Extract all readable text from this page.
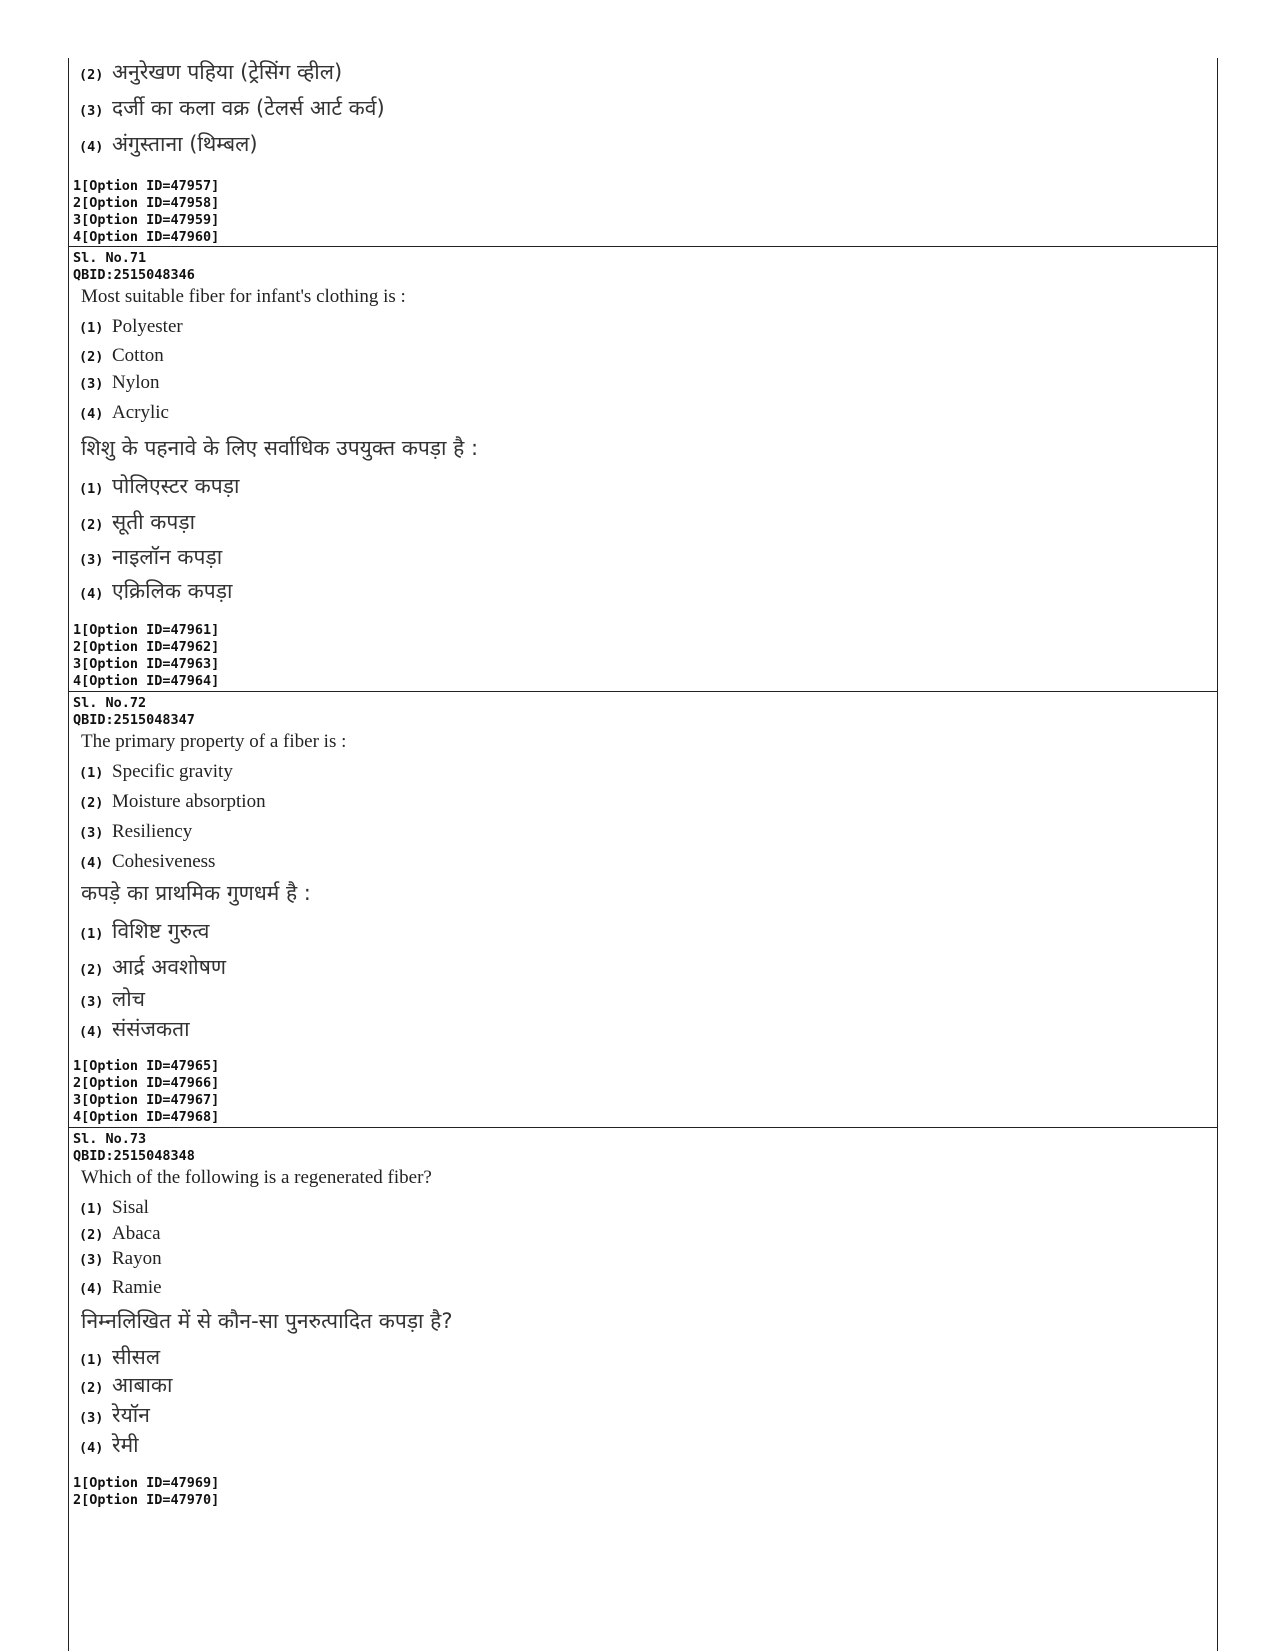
(2) अनुरेखण पहिया (ट्रेसिंग व्हील)
(3) दर्जी का कला वक्र (टेलर्स आर्ट कर्व)
(4) अंगुस्ताना (थिम्बल)
1[Option ID=47957]
2[Option ID=47958]
3[Option ID=47959]
4[Option ID=47960]
Sl. No.71
QBID:2515048346
Most suitable fiber for infant's clothing is :
(1) Polyester
(2) Cotton
(3) Nylon
(4) Acrylic
शिशु के पहनावे के लिए सर्वाधिक उपयुक्त कपड़ा है :
(1) पोलिएस्टर कपड़ा
(2) सूती कपड़ा
(3) नाइलॉन कपड़ा
(4) एक्रिलिक कपड़ा
1[Option ID=47961]
2[Option ID=47962]
3[Option ID=47963]
4[Option ID=47964]
Sl. No.72
QBID:2515048347
The primary property of a fiber is :
(1) Specific gravity
(2) Moisture absorption
(3) Resiliency
(4) Cohesiveness
कपड़े का प्राथमिक गुणधर्म है :
(1) विशिष्ट गुरुत्व
(2) आर्द्र अवशोषण
(3) लोच
(4) संसंजकता
1[Option ID=47965]
2[Option ID=47966]
3[Option ID=47967]
4[Option ID=47968]
Sl. No.73
QBID:2515048348
Which of the following is a regenerated fiber?
(1) Sisal
(2) Abaca
(3) Rayon
(4) Ramie
निम्नलिखित में से कौन-सा पुनरुत्पादित कपड़ा है?
(1) सीसल
(2) आबाका
(3) रेयॉन
(4) रेमी
1[Option ID=47969]
2[Option ID=47970]
